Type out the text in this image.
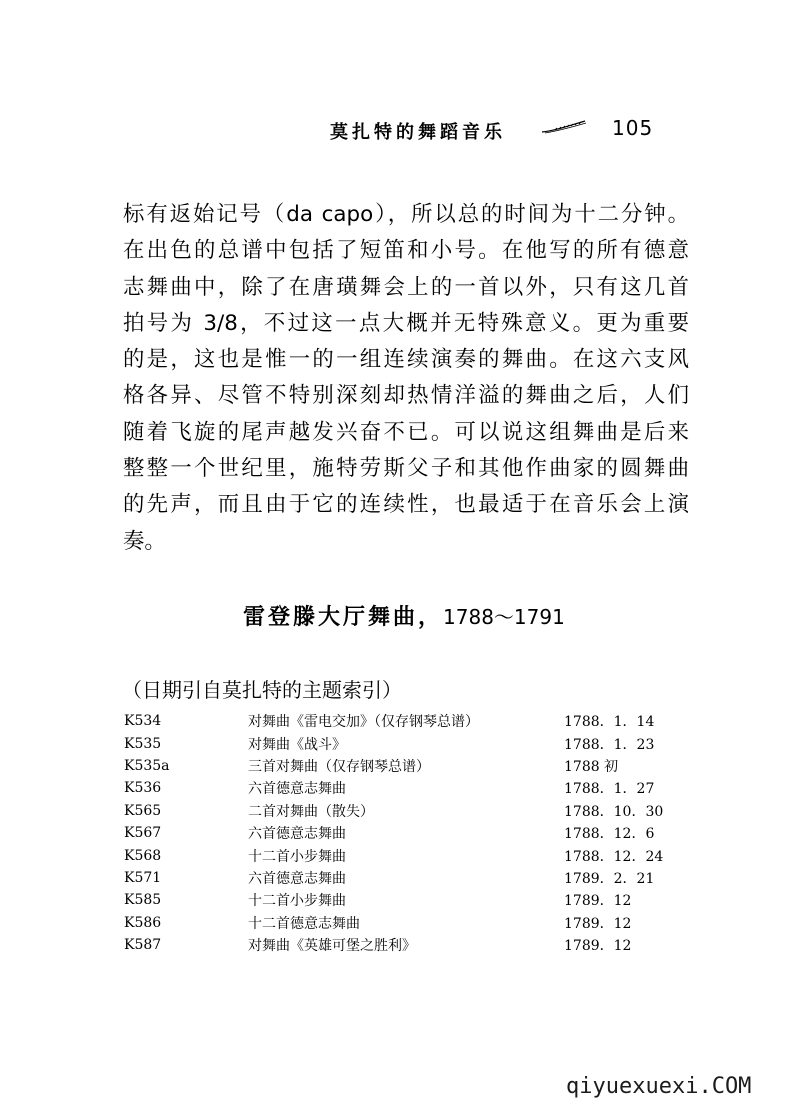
莫扎特的舞蹈音乐	105
标有返始记号（da capo），所以总的时间为十二分钟。
在出色的总谱中包括了短笛和小号。在他写的所有德意
志舞曲中，除了在唐璜舞会上的一首以外，只有这几首
拍号为 3/8，不过这一点大概并无特殊意义。更为重要
的是，这也是惟一的一组连续演奏的舞曲。在这六支风
格各异、尽管不特别深刻却热情洋溢的舞曲之后，人们
随着飞旋的尾声越发兴奋不已。可以说这组舞曲是后来
整整一个世纪里，施特劳斯父子和其他作曲家的圆舞曲
的先声，而且由于它的连续性，也最适于在音乐会上演
奏。
雷登滕大厅舞曲，1788～1791
（日期引自莫扎特的主题索引）
K534	对舞曲《雷电交加》（仅存钢琴总谱）	1788．1．14
K535	对舞曲《战斗》	1788．1．23
K535a	三首对舞曲（仅存钢琴总谱）	1788 初
K536	六首德意志舞曲	1788．1．27
K565	二首对舞曲（散失）	1788．10．30
K567	六首德意志舞曲	1788．12．6
K568	十二首小步舞曲	1788．12．24
K571	六首德意志舞曲	1789．2．21
K585	十二首小步舞曲	1789．12
K586	十二首德意志舞曲	1789．12
K587	对舞曲《英雄可堡之胜利》	1789．12
qiyuexuexi.COM
